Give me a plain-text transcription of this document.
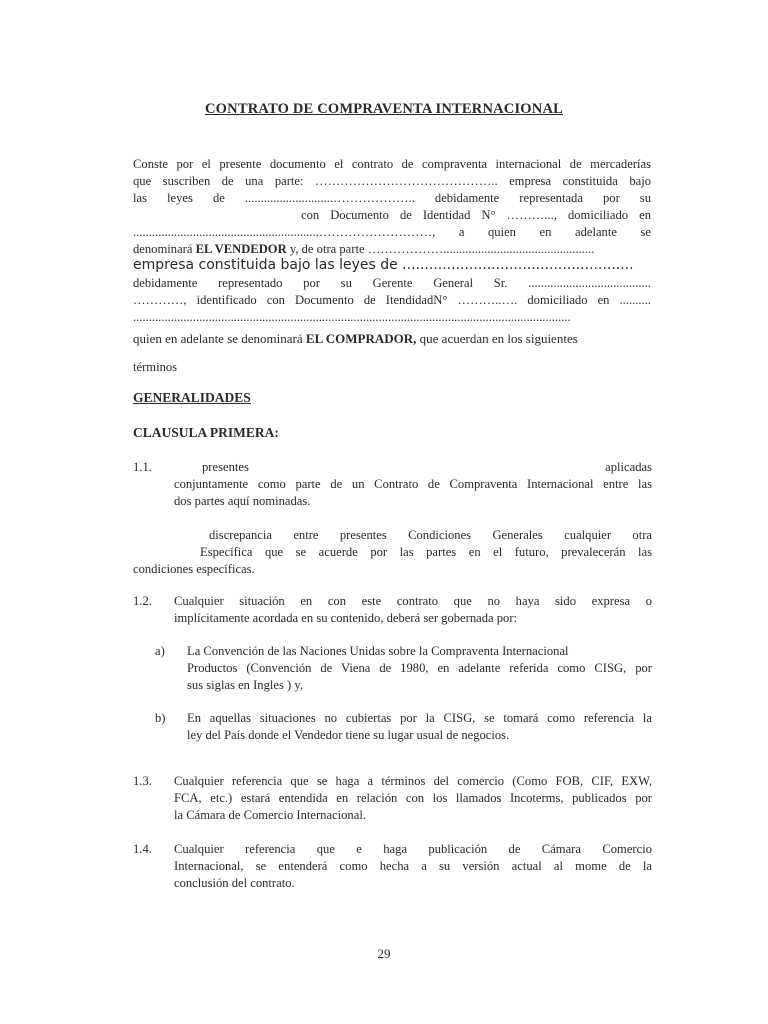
CONTRATO DE COMPRAVENTA INTERNACIONAL
Conste por el presente documento el contrato de compraventa internacional de mercaderías
que suscriben de una parte: …………………………………….. empresa constituida bajo
las leyes de ............................……………….. debidamente representada por su
con Documento de Identidad N° ………..., domiciliado en
...........................................................………………………, a quien en adelante se
denominará EL VENDEDOR y, de otra parte ………………................................................
empresa constituida bajo las leyes de ....................................................
debidamente representado por su Gerente General Sr. .......................................
…………, identificado con Documento de ItendidadN° ………..…. domiciliado en ..........
...........................................................................................................................................
quien en adelante se denominará EL COMPRADOR, que acuerdan en los siguientes
términos
GENERALIDADES
CLAUSULA PRIMERA:
1.1.	presentes aplicadas
conjuntamente como parte de un Contrato de Compraventa Internacional entre las
dos partes aquí nominadas.
discrepancia entre presentes Condiciones Generales cualquier otra
Específica que se acuerde por las partes en el futuro, prevalecerán las
condiciones específicas.
1.2. Cualquier situación en con este contrato que no haya sido expresa o
implícitamente acordada en su contenido, deberá ser gobernada por:
a) La Convención de las Naciones Unidas sobre la Compraventa Internacional
Productos (Convención de Viena de 1980, en adelante referida como CISG, por
sus siglas en Ingles ) y,
b) En aquellas situaciones no cubiertas por la CISG, se tomará como referencia la
ley del País donde el Vendedor tiene su lugar usual de negocios.
1.3. Cualquier referencia que se haga a términos del comercio (Como FOB, CIF, EXW,
FCA, etc.) estará entendida en relación con los llamados Incoterms, publicados por
la Cámara de Comercio Internacional.
1.4. Cualquier referencia que e haga publicación de Cámara Comercio
Internacional, se entenderá como hecha a su versión actual al mome de la
conclusión del contrato.
29
